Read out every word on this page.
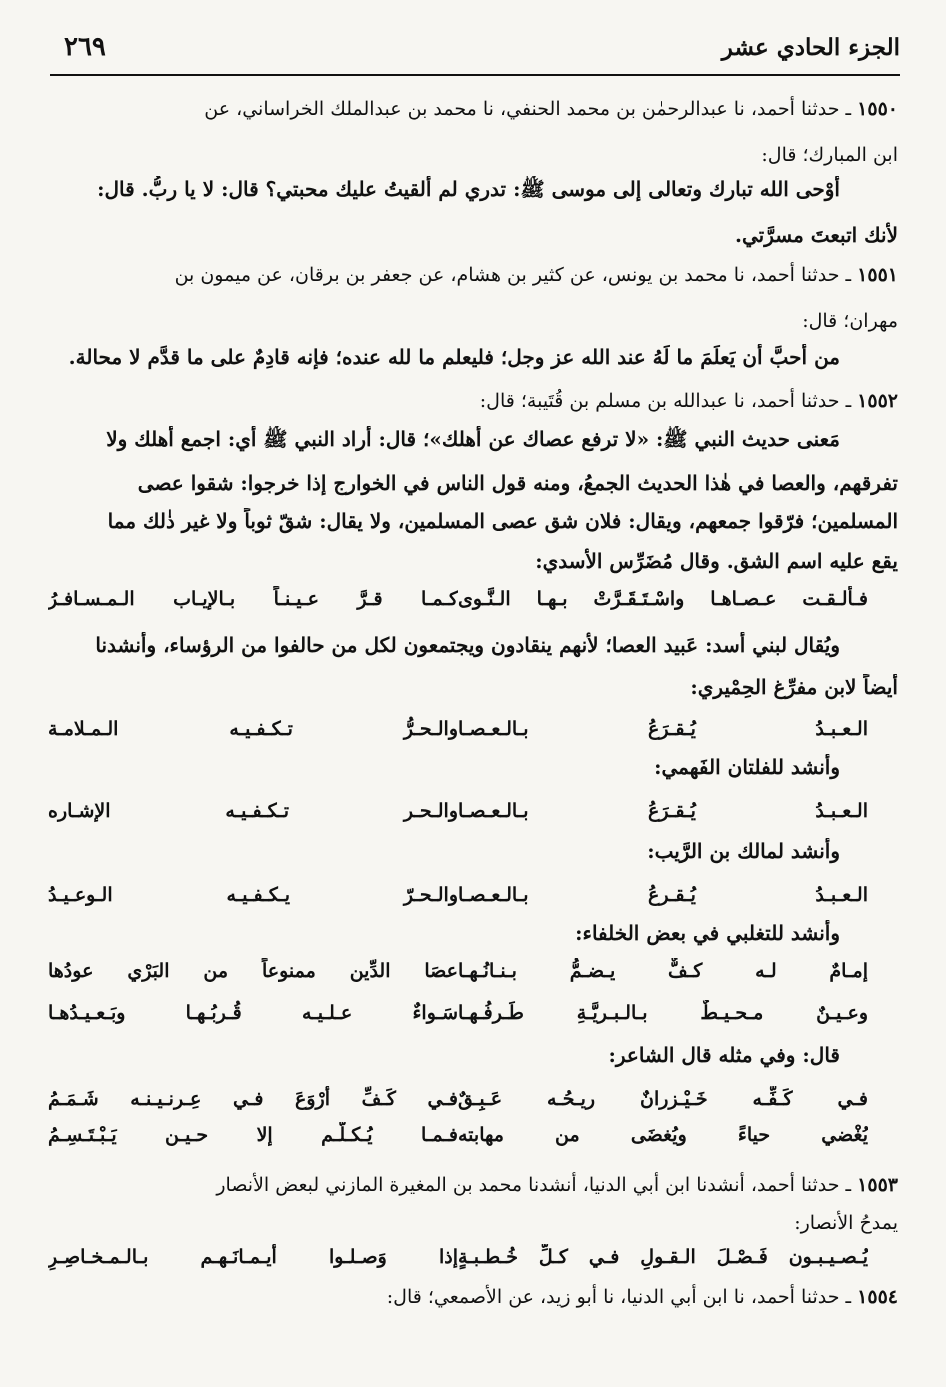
٢٦٩	الجزء الحادي عشر
١٥٥٠ ـ حدثنا أحمد، نا عبدالرحمٰن بن محمد الحنفي، نا محمد بن عبدالملك الخراساني، عن
ابن المبارك؛ قال:
أَوْحى الله تبارك وتعالى إلى موسى ﷺ: تدري لم ألقيتُ عليك محبتي؟ قال: لا يا ربُّ. قال:
لأنك اتبعتَ مسرَّتي.
١٥٥١ ـ حدثنا أحمد، نا محمد بن يونس، عن كثير بن هشام، عن جعفر بن برقان، عن ميمون بن
مهران؛ قال:
من أحبَّ أن يَعلَمَ ما لَهُ عند الله عز وجل؛ فليعلم ما لله عنده؛ فإنه قادِمٌ على ما قدَّم لا محالة.
١٥٥٢ ـ حدثنا أحمد، نا عبدالله بن مسلم بن قُتَيبة؛ قال:
مَعنى حديث النبي ﷺ: «لا ترفع عصاك عن أهلك»؛ قال: أراد النبي ﷺ أي: اجمع أهلك ولا
تفرقهم، والعصا في هٰذا الحديث الجمعُ، ومنه قول الناس في الخوارج إذا خرجوا: شقوا عصى
المسلمين؛ فرّقوا جمعهم، ويقال: فلان شق عصى المسلمين، ولا يقال: شقّ ثوباً ولا غير ذٰلك مما
يقع عليه اسم الشق. وقال مُضَرِّس الأسدي:
فـألـقـت عـصـاهـا واسْـتَـقَـرَّتْ بـهـا الـنَّـوى
كـمـا قـرَّ عـيـنـاً بـالإيـاب الـمـسـافـرُ
ويُقال لبني أسد: عَبيد العصا؛ لأنهم ينقادون ويجتمعون لكل من حالفوا من الرؤساء، وأنشدنا
أيضاً لابن مفرِّغ الحِمْيري:
الـعـبـدُ يُـقـرَعُ بـالـعـصـا
والـحـرُّ تـكـفـيـه الـمـلامـة
وأنشد للفلتان الفَهمي:
الـعـبـدُ يُـقـرَعُ بـالـعـصـا
والـحـر تـكـفـيـه الإشـاره
وأنشد لمالك بن الرَّيب:
الـعـبـدُ يُـقـرعُ بـالـعـصـا
والـحـرّ يـكـفـيـه الـوعـيـدُ
وأنشد للتغلبي في بعض الخلفاء:
إمـامٌ لـه كـفٌّ يـضـمُّ بـنـانُـهـا
عصَا الدِّين ممنوعاً من البَرْي عودُها
وعـيـنٌ مـحـيـطٌ بـالـبـريَّـةِ طَـرفُـهـا
سَـواءٌ عـلـيـه قُـربُـهـا وبَـعـيـدُهـا
قال: وفي مثله قال الشاعر:
فـي كَـفِّـه خَـيْـزرانٌ ريـحُـه عَـبِـقٌ
فـي كَـفِّ أَرْوَعَ فـي عِـرنـيـنـه شَـمَـمُ
يُغْضي حياءً ويُغضَى من مهابته
فـمـا يُـكـلَّـم إلا حـيـن يَـبْـتَـسِـمُ
١٥٥٣ ـ حدثنا أحمد، أنشدنا ابن أبي الدنيا، أنشدنا محمد بن المغيرة المازني لبعض الأنصار
يمدحُ الأنصار:
يُـصـيـبـون فَـصْـلَ الـقـولِ فـي كـلِّ خُـطـبـةٍ
إذا وَصـلـوا أيـمـانَـهـم بـالـمـخـاصِـرِ
١٥٥٤ ـ حدثنا أحمد، نا ابن أبي الدنيا، نا أبو زيد، عن الأصمعي؛ قال:
